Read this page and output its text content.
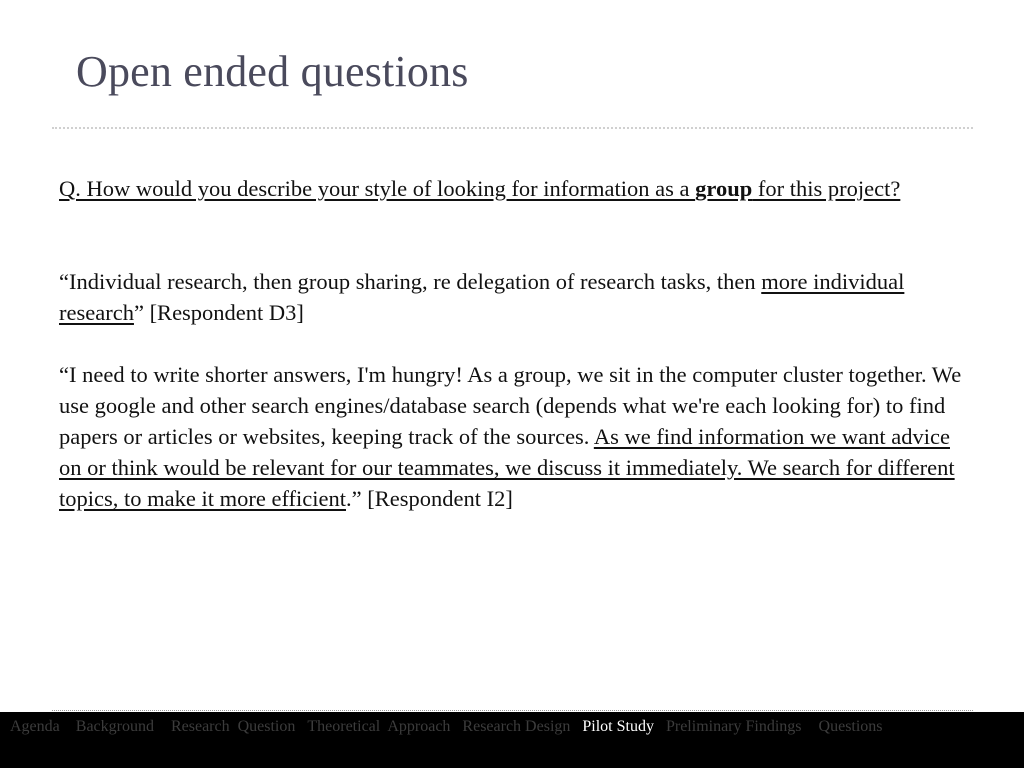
Open ended questions

Q. How would you describe your style of looking for information as a group for this project?

“Individual research, then group sharing, re delegation of research tasks, then more individual research” [Respondent D3]

“I need to write shorter answers, I'm hungry! As a group, we sit in the computer cluster together. We use google and other search engines/database search (depends what we're each looking for) to find papers or articles or websites, keeping track of the sources. As we find information we want advice on or think would be relevant for our teammates, we discuss it immediately. We search for different topics, to make it more efficient.” [Respondent I2]

Agenda Background Research  Question Theoretical  Approach Research Design Pilot Study Preliminary Findings Questions
